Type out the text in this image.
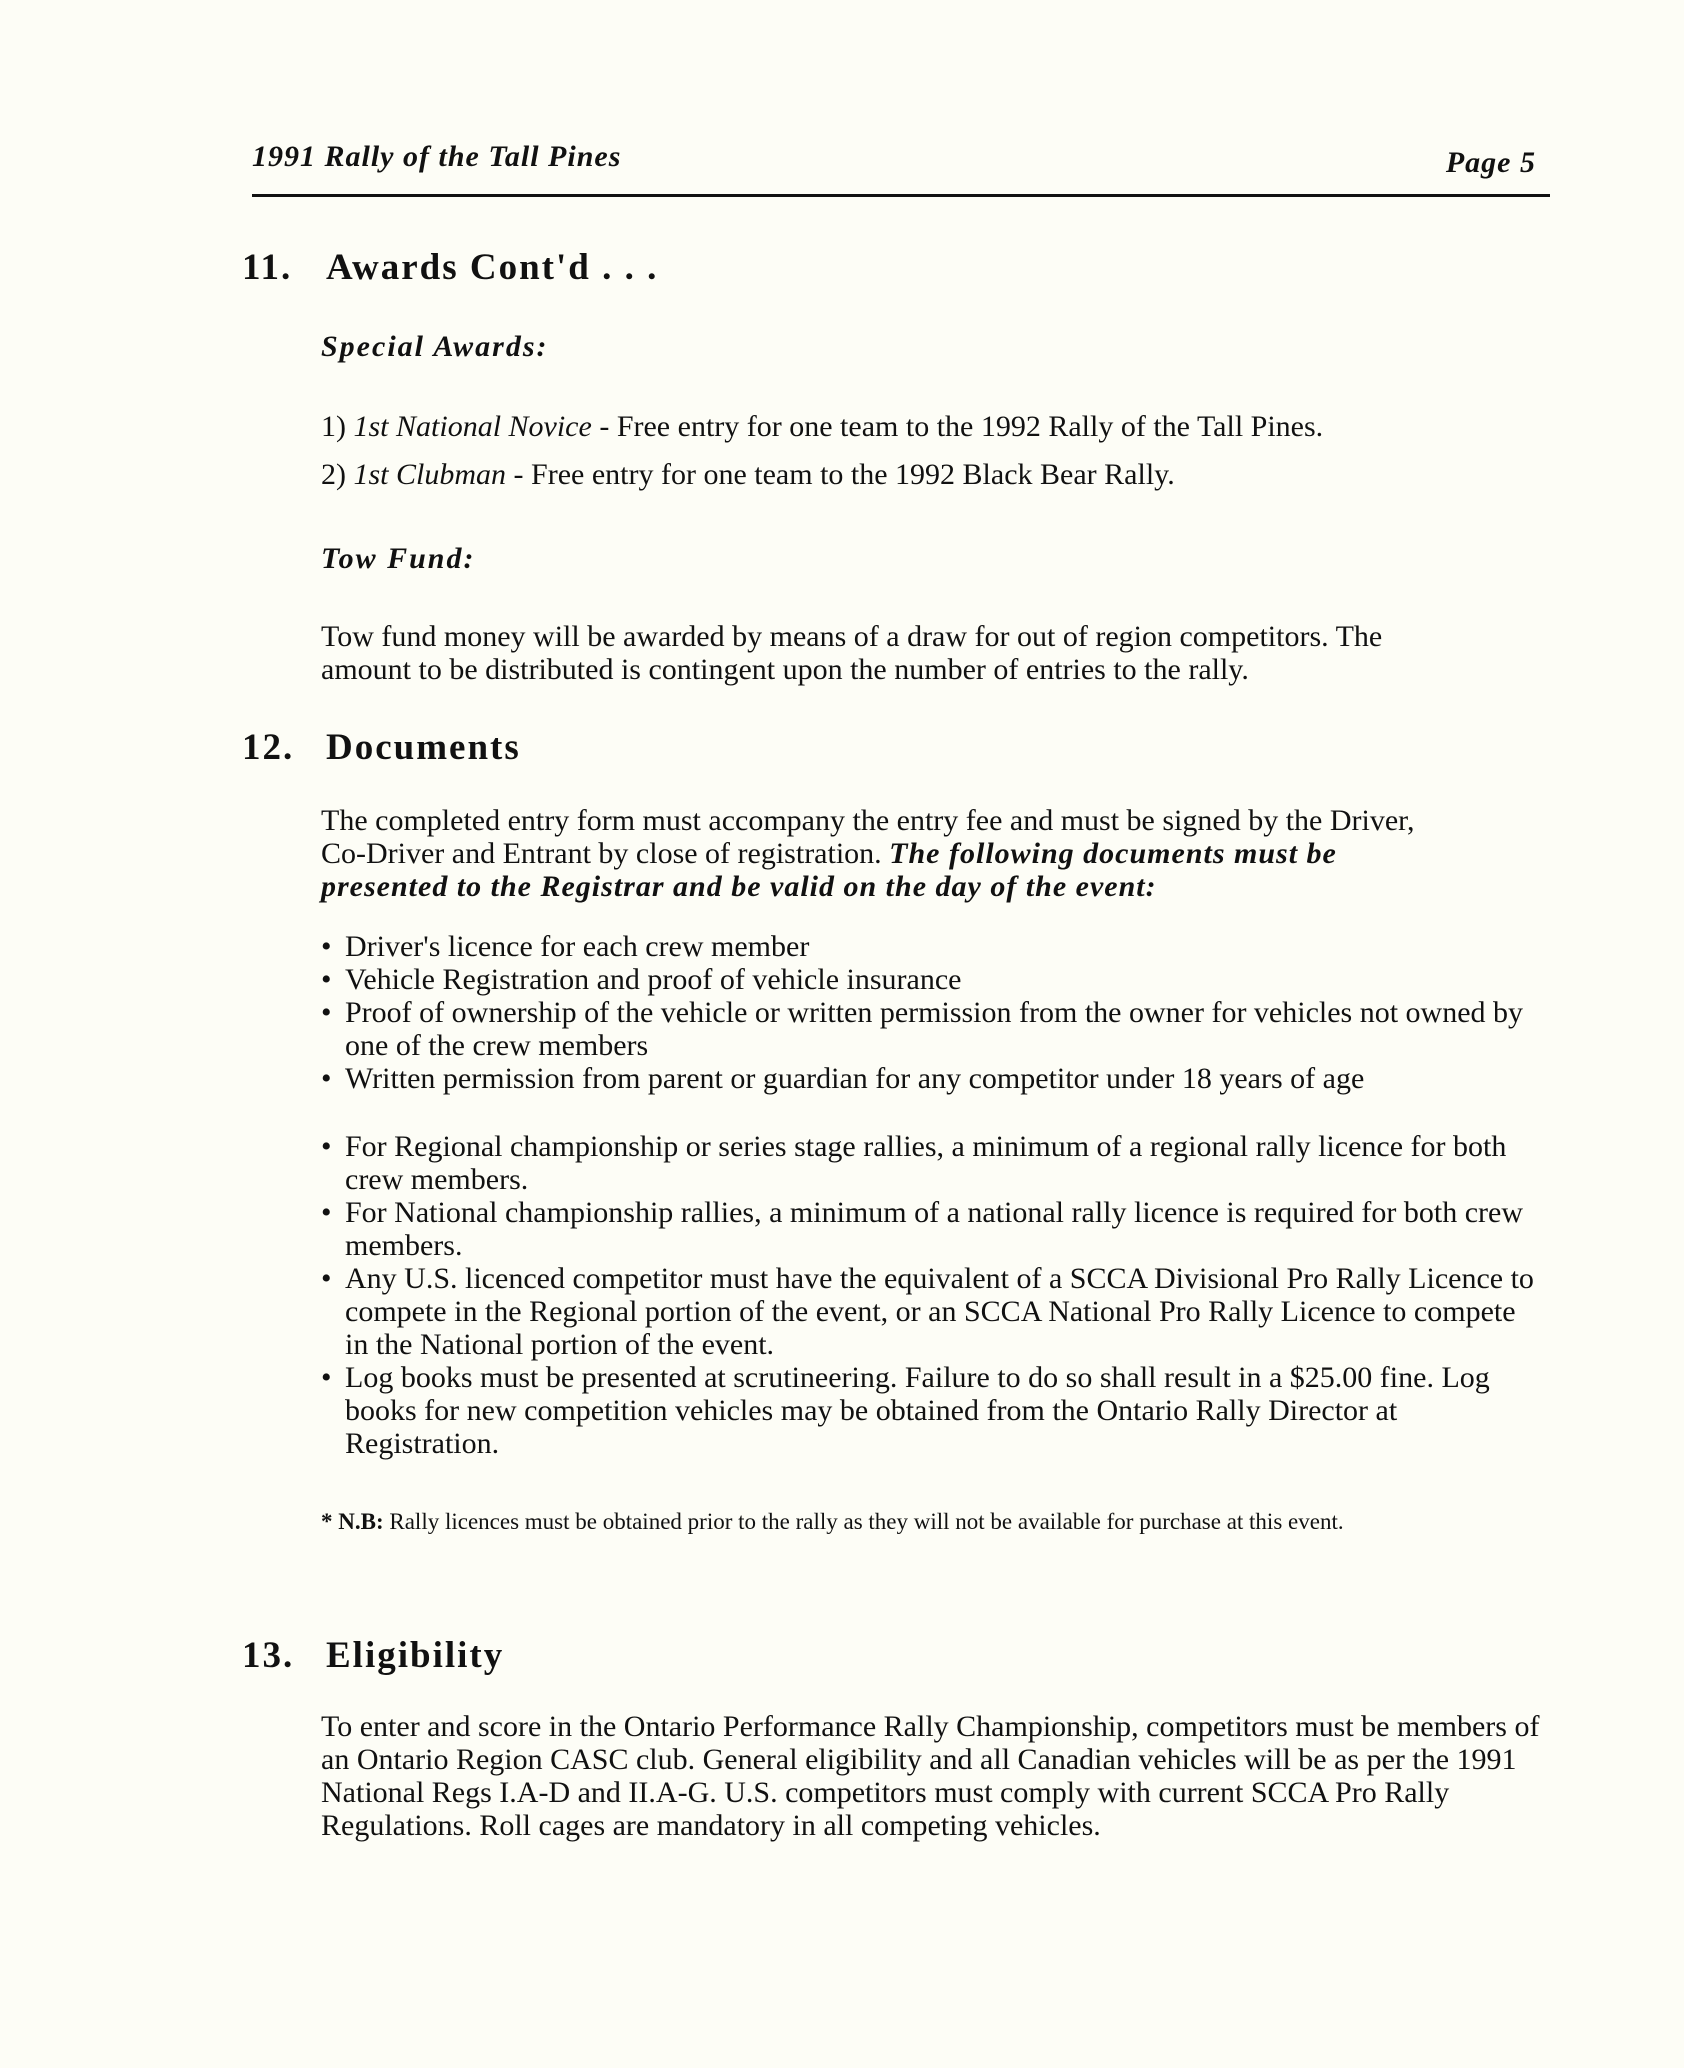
1991 Rally of the Tall Pines	Page 5
11. Awards Cont'd . . .
Special Awards:
1) 1st National Novice - Free entry for one team to the 1992 Rally of the Tall Pines.
2) 1st Clubman - Free entry for one team to the 1992 Black Bear Rally.
Tow Fund:

Tow fund money will be awarded by means of a draw for out of region competitors. The

amount to be distributed is contingent upon the number of entries to the rally.

12. Documents

The completed entry form must accompany the entry fee and must be signed by the Driver,

Co-Driver and Entrant by close of registration. The following documents must be

presented to the Registrar and be valid on the day of the event:

• Driver's licence for each crew member
• Vehicle Registration and proof of vehicle insurance
• Proof of ownership of the vehicle or written permission from the owner for vehicles not owned by one of the crew members
• Written permission from parent or guardian for any competitor under 18 years of age
• For Regional championship or series stage rallies, a minimum of a regional rally licence for both crew members.
• For National championship rallies, a minimum of a national rally licence is required for both crew members.
• Any U.S. licenced competitor must have the equivalent of a SCCA Divisional Pro Rally Licence to compete in the Regional portion of the event, or an SCCA National Pro Rally Licence to compete in the National portion of the event.
• Log books must be presented at scrutineering. Failure to do so shall result in a $25.00 fine. Log books for new competition vehicles may be obtained from the Ontario Rally Director at Registration.
* N.B: Rally licences must be obtained prior to the rally as they will not be available for purchase at this event.
13. Eligibility
To enter and score in the Ontario Performance Rally Championship, competitors must be members of an Ontario Region CASC club. General eligibility and all Canadian vehicles will be as per the 1991 National Regs I.A-D and II.A-G. U.S. competitors must comply with current SCCA Pro Rally Regulations. Roll cages are mandatory in all competing vehicles.
